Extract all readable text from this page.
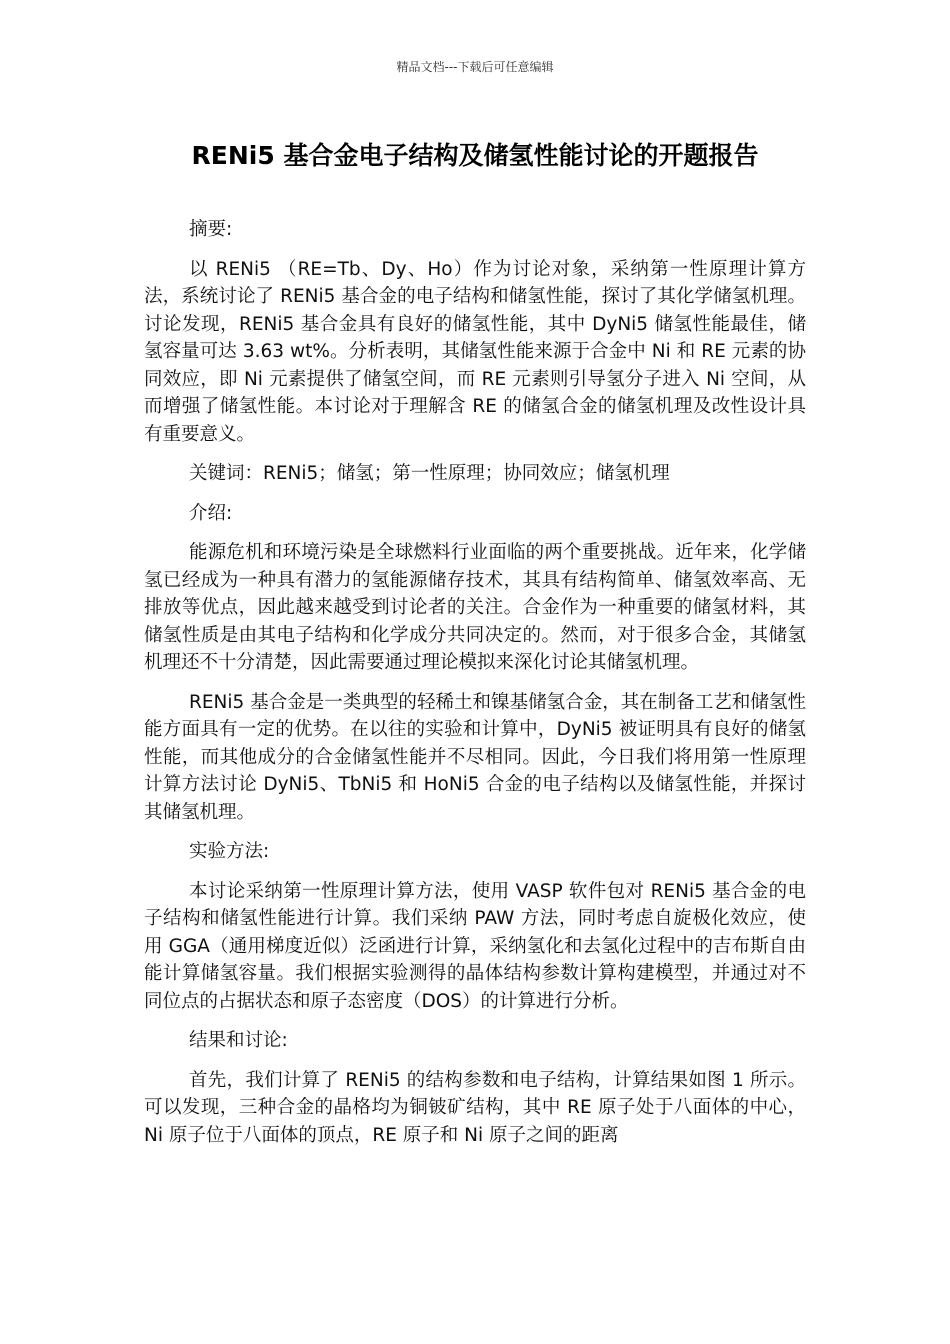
精品文档---下载后可任意编辑
RENi5 基合金电子结构及储氢性能讨论的开题报告

摘要:

以 RENi5 （RE=Tb、Dy、Ho）作为讨论对象，采纳第一性原理计算方法，系统讨论了 RENi5 基合金的电子结构和储氢性能，探讨了其化学储氢机理。讨论发现，RENi5 基合金具有良好的储氢性能，其中 DyNi5 储氢性能最佳，储氢容量可达 3.63 wt%。分析表明，其储氢性能来源于合金中 Ni 和 RE 元素的协同效应，即 Ni 元素提供了储氢空间，而 RE 元素则引导氢分子进入 Ni 空间，从而增强了储氢性能。本讨论对于理解含 RE 的储氢合金的储氢机理及改性设计具有重要意义。

关键词：RENi5；储氢；第一性原理；协同效应；储氢机理

介绍:

能源危机和环境污染是全球燃料行业面临的两个重要挑战。近年来，化学储氢已经成为一种具有潜力的氢能源储存技术，其具有结构简单、储氢效率高、无排放等优点，因此越来越受到讨论者的关注。合金作为一种重要的储氢材料，其储氢性质是由其电子结构和化学成分共同决定的。然而，对于很多合金，其储氢机理还不十分清楚，因此需要通过理论模拟来深化讨论其储氢机理。

RENi5 基合金是一类典型的轻稀土和镍基储氢合金，其在制备工艺和储氢性能方面具有一定的优势。在以往的实验和计算中，DyNi5 被证明具有良好的储氢性能，而其他成分的合金储氢性能并不尽相同。因此，今日我们将用第一性原理计算方法讨论 DyNi5、TbNi5 和 HoNi5 合金的电子结构以及储氢性能，并探讨其储氢机理。

实验方法:

本讨论采纳第一性原理计算方法，使用 VASP 软件包对 RENi5 基合金的电子结构和储氢性能进行计算。我们采纳 PAW 方法，同时考虑自旋极化效应，使用 GGA（通用梯度近似）泛函进行计算，采纳氢化和去氢化过程中的吉布斯自由能计算储氢容量。我们根据实验测得的晶体结构参数计算构建模型，并通过对不同位点的占据状态和原子态密度（DOS）的计算进行分析。

结果和讨论:

首先，我们计算了 RENi5 的结构参数和电子结构，计算结果如图 1 所示。可以发现，三种合金的晶格均为铜铍矿结构，其中 RE 原子处于八面体的中心，Ni 原子位于八面体的顶点，RE 原子和 Ni 原子之间的距离
